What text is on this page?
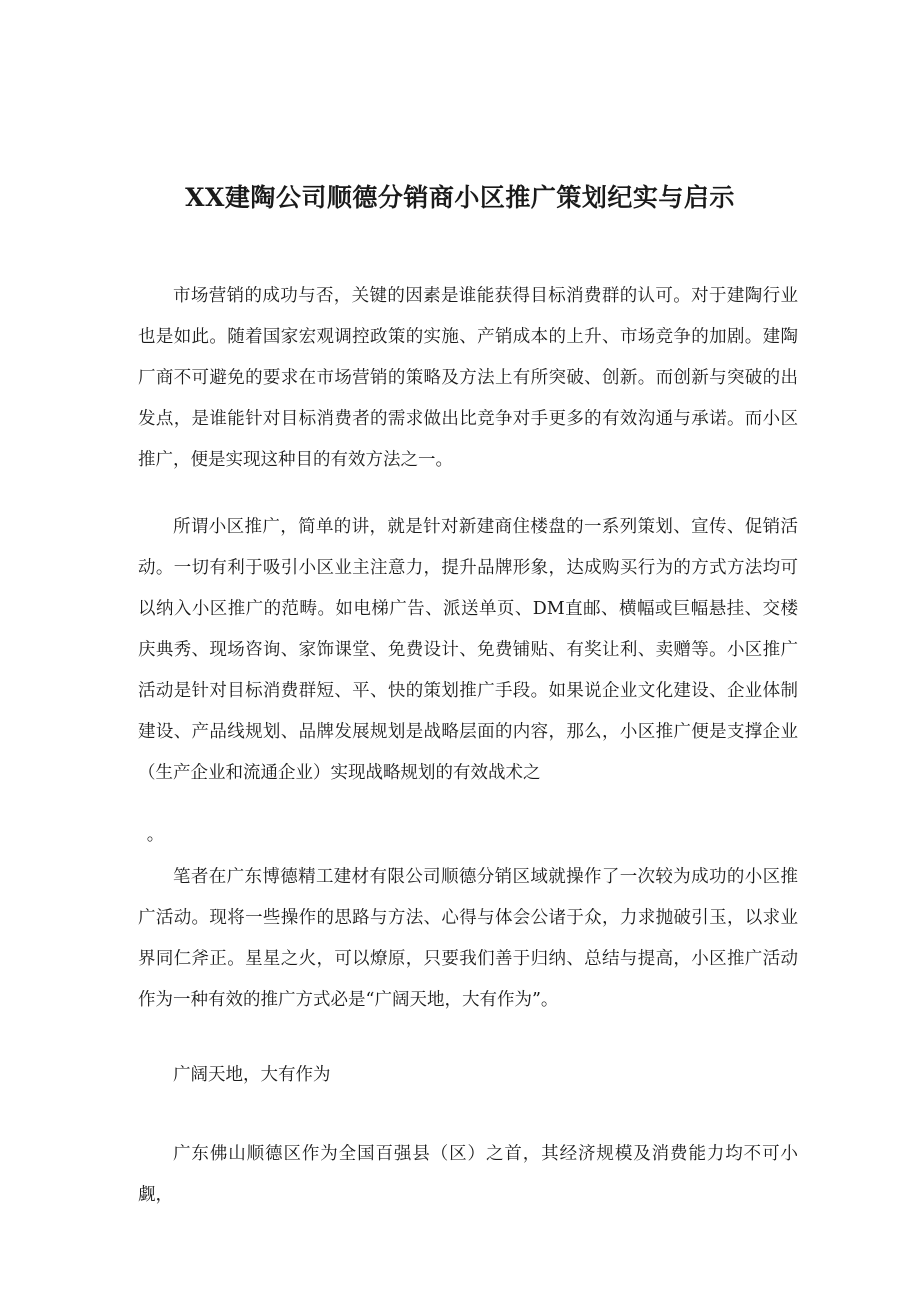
XX建陶公司顺德分销商小区推广策划纪实与启示

市场营销的成功与否，关键的因素是谁能获得目标消费群的认可。对于建陶行业也是如此。随着国家宏观调控政策的实施、产销成本的上升、市场竞争的加剧。建陶厂商不可避免的要求在市场营销的策略及方法上有所突破、创新。而创新与突破的出发点，是谁能针对目标消费者的需求做出比竞争对手更多的有效沟通与承诺。而小区推广，便是实现这种目的有效方法之一。

所谓小区推广，简单的讲，就是针对新建商住楼盘的一系列策划、宣传、促销活动。一切有利于吸引小区业主注意力，提升品牌形象，达成购买行为的方式方法均可以纳入小区推广的范畴。如电梯广告、派送单页、DM直邮、横幅或巨幅悬挂、交楼庆典秀、现场咨询、家饰课堂、免费设计、免费铺贴、有奖让利、卖赠等。小区推广活动是针对目标消费群短、平、快的策划推广手段。如果说企业文化建设、企业体制建设、产品线规划、品牌发展规划是战略层面的内容，那么，小区推广便是支撑企业（生产企业和流通企业）实现战略规划的有效战术之

。

笔者在广东博德精工建材有限公司顺德分销区域就操作了一次较为成功的小区推广活动。现将一些操作的思路与方法、心得与体会公诸于众，力求抛破引玉，以求业界同仁斧正。星星之火，可以燎原，只要我们善于归纳、总结与提高，小区推广活动作为一种有效的推广方式必是“广阔天地，大有作为”。

广阔天地，大有作为

广东佛山顺德区作为全国百强县（区）之首，其经济规模及消费能力均不可小觑，
